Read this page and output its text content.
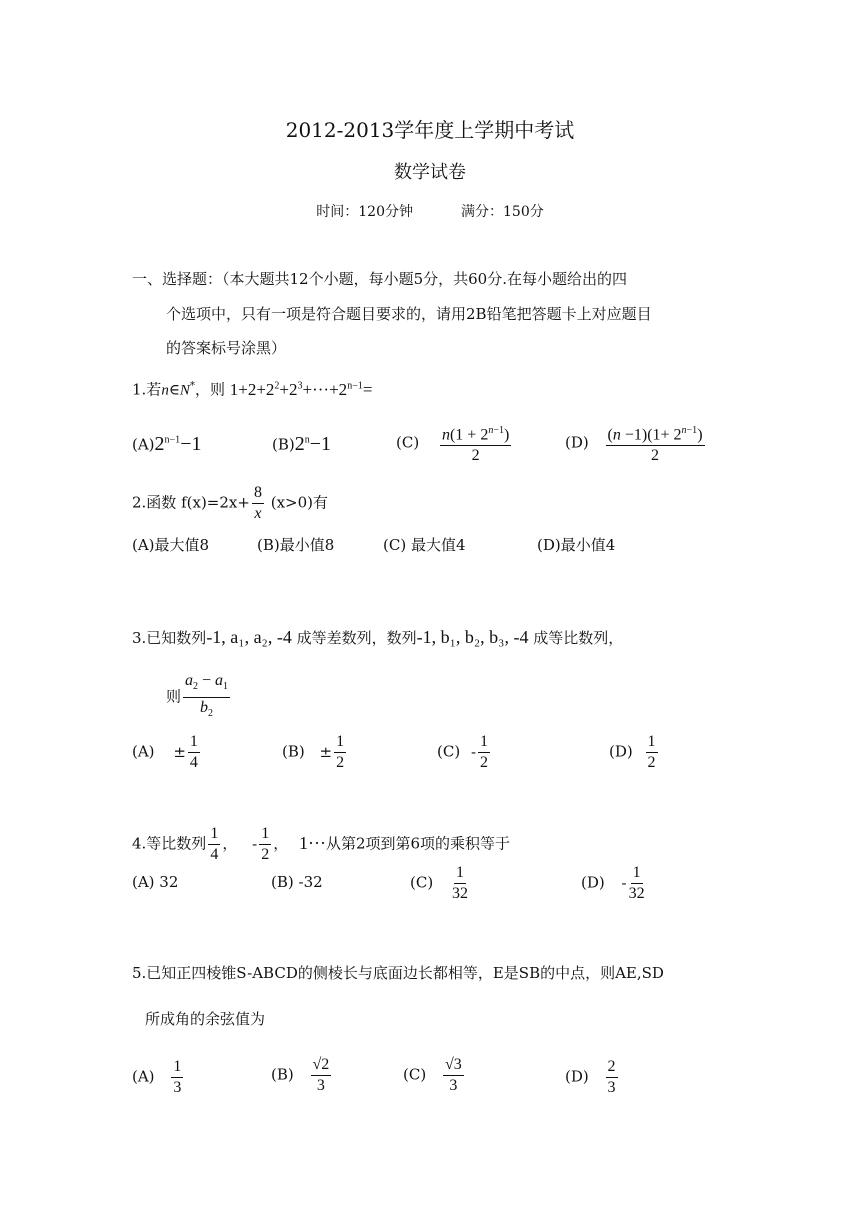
2012-2013学年度上学期中考试
数学试卷
时间：120分钟	满分：150分
一、选择题：（本大题共12个小题，每小题5分，共60分.在每小题给出的四
个选项中，只有一项是符合题目要求的，请用2B铅笔把答题卡上对应题目
的答案标号涂黑）
1.若n∈N*，则 $1+2+2^2+2^3+\cdot\cdot\cdot+2^{n-1}=$
$(A)2^{n-1}-1$	$(B)2^n-1$	$(C) \frac{n(1 + 2^{n-1})}{2}$	$(D) \frac{(n -1)(1+ 2^{n-1})}{2}$
2.函数 $f(x)=2x+ \frac{8}{x} (x>0)$有
(A)最大值8	(B)最小值8	(C) 最大值4	(D)最小值4
3.已知数列-1, a₁, a₂, -4 成等差数列，数列-1, b₁, b₂, b₃, -4 成等比数列，
则 $\frac{a_2 - a_1}{b_2}$
$(A) \pm \frac{1}{4}$	$(B) \pm \frac{1}{2}$	$(C) - \frac{1}{2}$	$(D) \frac{1}{2}$
4.等比数列 $\frac{1}{4}$ ， - $\frac{1}{2}$ ， 1···从第2项到第6项的乘积等于
(A) 32	(B) -32	$(C) \frac{1}{32}$	$(D) - \frac{1}{32}$
5.已知正四棱锥S-ABCD的侧棱长与底面边长都相等，E是SB的中点，则AE,SD
所成角的余弦值为
$(A) \frac{1}{3}$	$(B) \frac{√2}{3}$	$(C) \frac{√3}{3}$	$(D) \frac{2}{3}$
